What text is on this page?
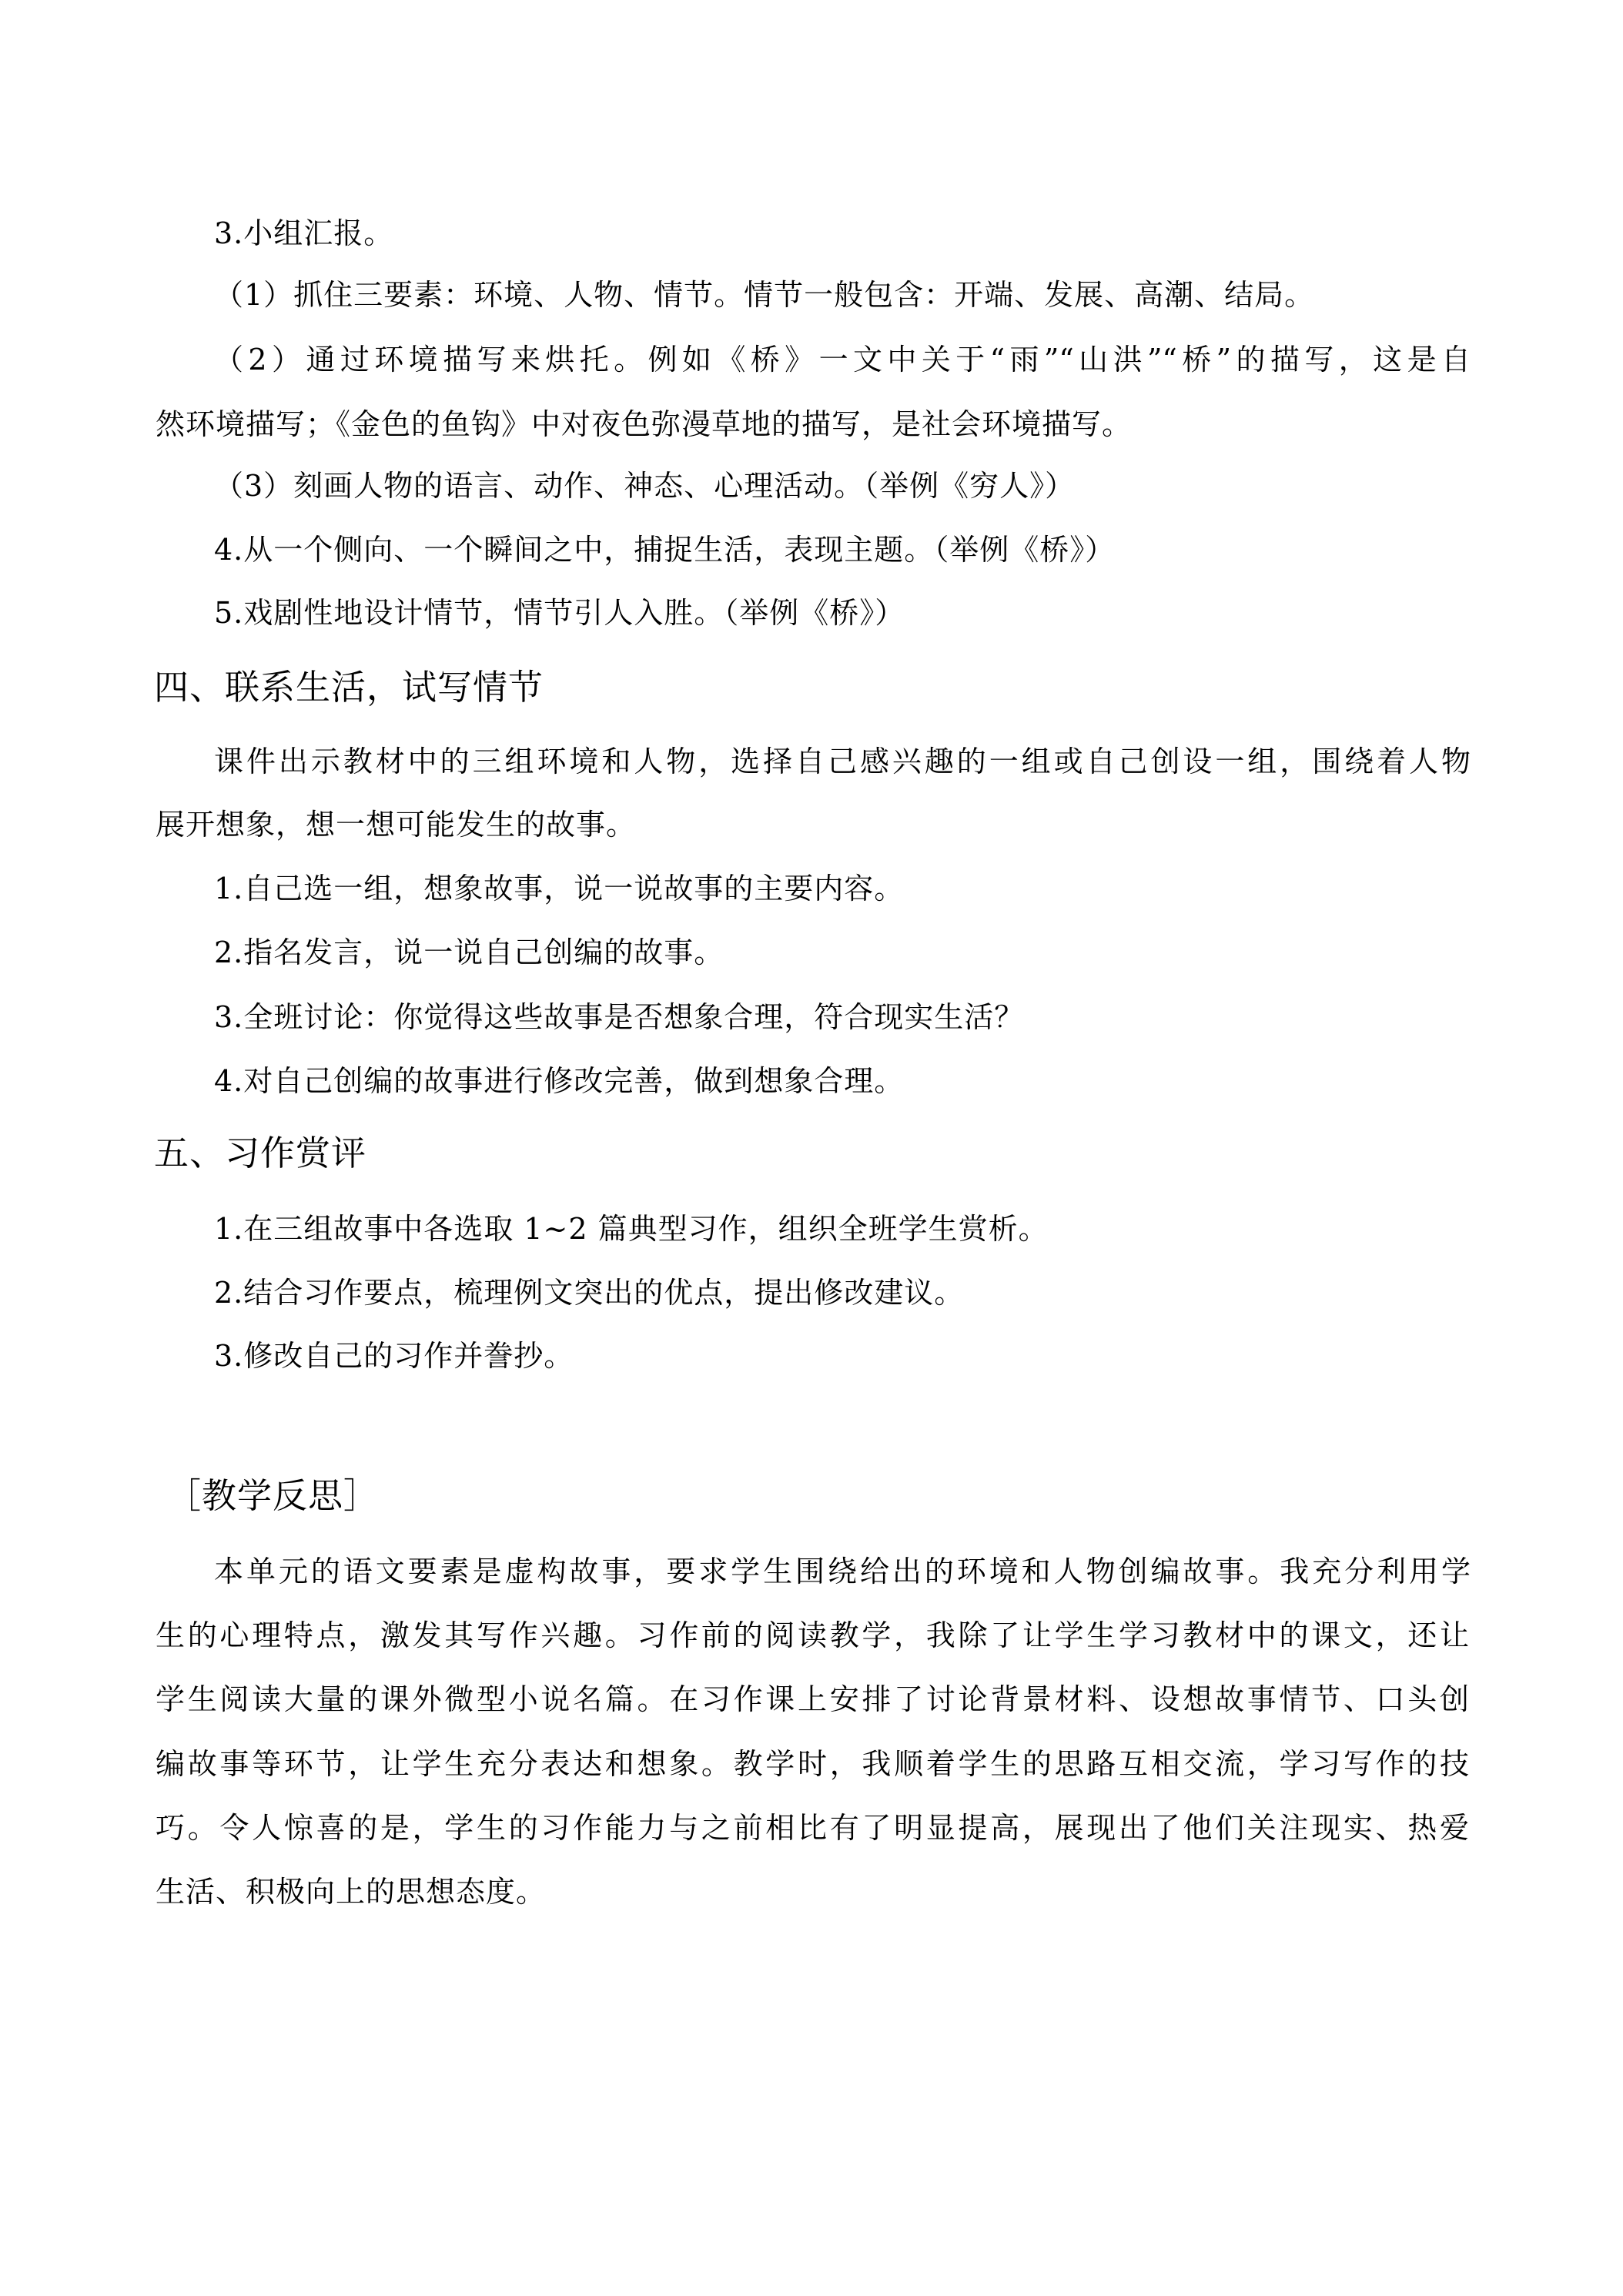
3.小组汇报。
（1）抓住三要素：环境、人物、情节。情节一般包含：开端、发展、高潮、结局。
（2）通过环境描写来烘托。例如《桥》一文中关于“雨”“山洪”“桥”的描写，这是自
然环境描写；《金色的鱼钩》中对夜色弥漫草地的描写，是社会环境描写。
（3）刻画人物的语言、动作、神态、心理活动。（举例《穷人》）
4.从一个侧向、一个瞬间之中，捕捉生活，表现主题。（举例《桥》）
5.戏剧性地设计情节，情节引人入胜。（举例《桥》）
四、联系生活，试写情节
课件出示教材中的三组环境和人物，选择自己感兴趣的一组或自己创设一组，围绕着人物
展开想象，想一想可能发生的故事。
1.自己选一组，想象故事，说一说故事的主要内容。
2.指名发言，说一说自己创编的故事。
3.全班讨论：你觉得这些故事是否想象合理，符合现实生活？
4.对自己创编的故事进行修改完善，做到想象合理。
五、习作赏评
1.在三组故事中各选取 1~2 篇典型习作，组织全班学生赏析。
2.结合习作要点，梳理例文突出的优点，提出修改建议。
3.修改自己的习作并誊抄。
［教学反思］
本单元的语文要素是虚构故事，要求学生围绕给出的环境和人物创编故事。我充分利用学
生的心理特点，激发其写作兴趣。习作前的阅读教学，我除了让学生学习教材中的课文，还让
学生阅读大量的课外微型小说名篇。在习作课上安排了讨论背景材料、设想故事情节、口头创
编故事等环节，让学生充分表达和想象。教学时，我顺着学生的思路互相交流，学习写作的技
巧。令人惊喜的是，学生的习作能力与之前相比有了明显提高，展现出了他们关注现实、热爱
生活、积极向上的思想态度。
